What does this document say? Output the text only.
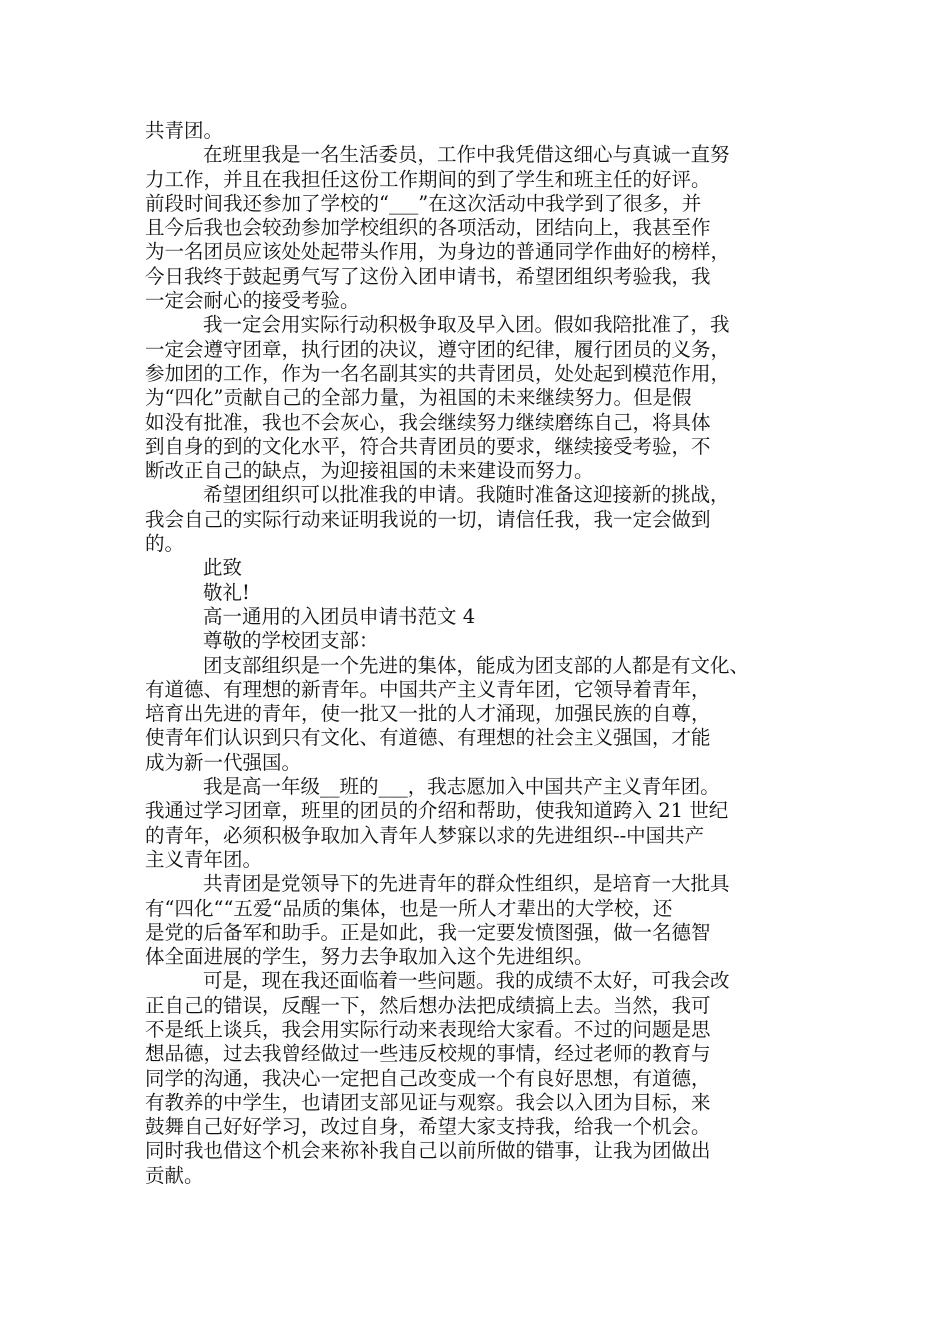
共青团。
在班里我是一名生活委员，工作中我凭借这细心与真诚一直努
力工作，并且在我担任这份工作期间的到了学生和班主任的好评。
前段时间我还参加了学校的“___”在这次活动中我学到了很多，并
且今后我也会较劲参加学校组织的各项活动，团结向上，我甚至作
为一名团员应该处处起带头作用，为身边的普通同学作曲好的榜样，
今日我终于鼓起勇气写了这份入团申请书，希望团组织考验我，我
一定会耐心的接受考验。
我一定会用实际行动积极争取及早入团。假如我陪批准了，我
一定会遵守团章，执行团的决议，遵守团的纪律，履行团员的义务，
参加团的工作，作为一名名副其实的共青团员，处处起到模范作用，
为“四化”贡献自己的全部力量，为祖国的未来继续努力。但是假
如没有批准，我也不会灰心，我会继续努力继续磨练自己，将具体
到自身的到的文化水平，符合共青团员的要求，继续接受考验，不
断改正自己的缺点，为迎接祖国的未来建设而努力。
希望团组织可以批准我的申请。我随时准备这迎接新的挑战，
我会自己的实际行动来证明我说的一切，请信任我，我一定会做到
的。
此致
敬礼!
高一通用的入团员申请书范文 4
尊敬的学校团支部：
团支部组织是一个先进的集体，能成为团支部的人都是有文化、
有道德、有理想的新青年。中国共产主义青年团，它领导着青年，
培育出先进的青年，使一批又一批的人才涌现，加强民族的自尊，
使青年们认识到只有文化、有道德、有理想的社会主义强国，才能
成为新一代强国。
我是高一年级__班的___，我志愿加入中国共产主义青年团。
我通过学习团章，班里的团员的介绍和帮助，使我知道跨入 21 世纪
的青年，必须积极争取加入青年人梦寐以求的先进组织--中国共产
主义青年团。
共青团是党领导下的先进青年的群众性组织，是培育一大批具
有“四化““五爱“品质的集体，也是一所人才辈出的大学校，还
是党的后备军和助手。正是如此，我一定要发愤图强，做一名德智
体全面进展的学生，努力去争取加入这个先进组织。
可是，现在我还面临着一些问题。我的成绩不太好，可我会改
正自己的错误，反醒一下，然后想办法把成绩搞上去。当然，我可
不是纸上谈兵，我会用实际行动来表现给大家看。不过的问题是思
想品德，过去我曾经做过一些违反校规的事情，经过老师的教育与
同学的沟通，我决心一定把自己改变成一个有良好思想，有道德，
有教养的中学生，也请团支部见证与观察。我会以入团为目标，来
鼓舞自己好好学习，改过自身，希望大家支持我，给我一个机会。
同时我也借这个机会来祢补我自己以前所做的错事，让我为团做出
贡献。
